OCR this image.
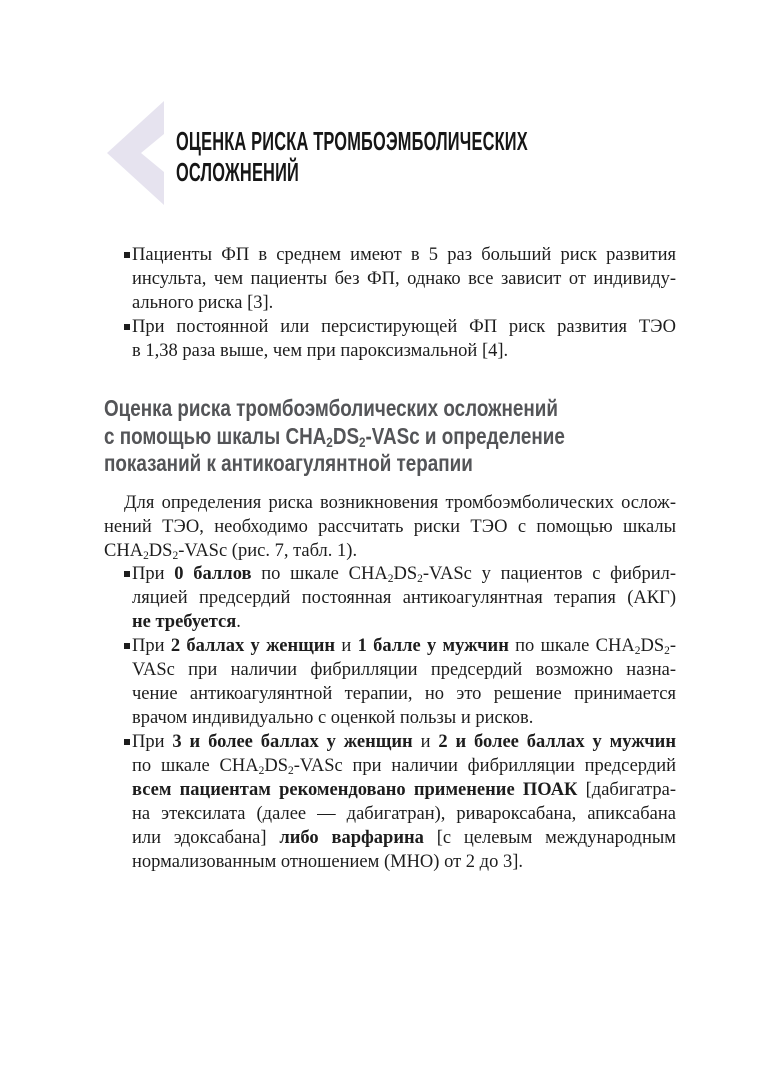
ОЦЕНКА РИСКА ТРОМБОЭМБОЛИЧЕСКИХ
ОСЛОЖНЕНИЙ
Пациенты ФП в среднем имеют в 5 раз больший риск развития
инсульта, чем пациенты без ФП, однако все зависит от индивиду-
ального риска [3].
При постоянной или персистирующей ФП риск развития ТЭО
в 1,38 раза выше, чем при пароксизмальной [4].
Оценка риска тромбоэмболических осложнений
с помощью шкалы CHA2DS2-VASc и определение
показаний к антикоагулянтной терапии
Для определения риска возникновения тромбоэмболических ослож-
нений ТЭО, необходимо рассчитать риски ТЭО с помощью шкалы
CHA2DS2-VASc (рис. 7, табл. 1).
При 0 баллов по шкале CHA2DS2-VASc у пациентов с фибрил-
ляцией предсердий постоянная антикоагулянтная терапия (АКГ)
не требуется.
При 2 баллах у женщин и 1 балле у мужчин по шкале CHA2DS2-
VASc при наличии фибрилляции предсердий возможно назна-
чение антикоагулянтной терапии, но это решение принимается
врачом индивидуально с оценкой пользы и рисков.
При 3 и более баллах у женщин и 2 и более баллах у мужчин
по шкале CHA2DS2-VASc при наличии фибрилляции предсердий
всем пациентам рекомендовано применение ПОАК [дабигатра-
на этексилата (далее — дабигатран), ривароксабана, апиксабана
или эдоксабана] либо варфарина [с целевым международным
нормализованным отношением (МНО) от 2 до 3].
